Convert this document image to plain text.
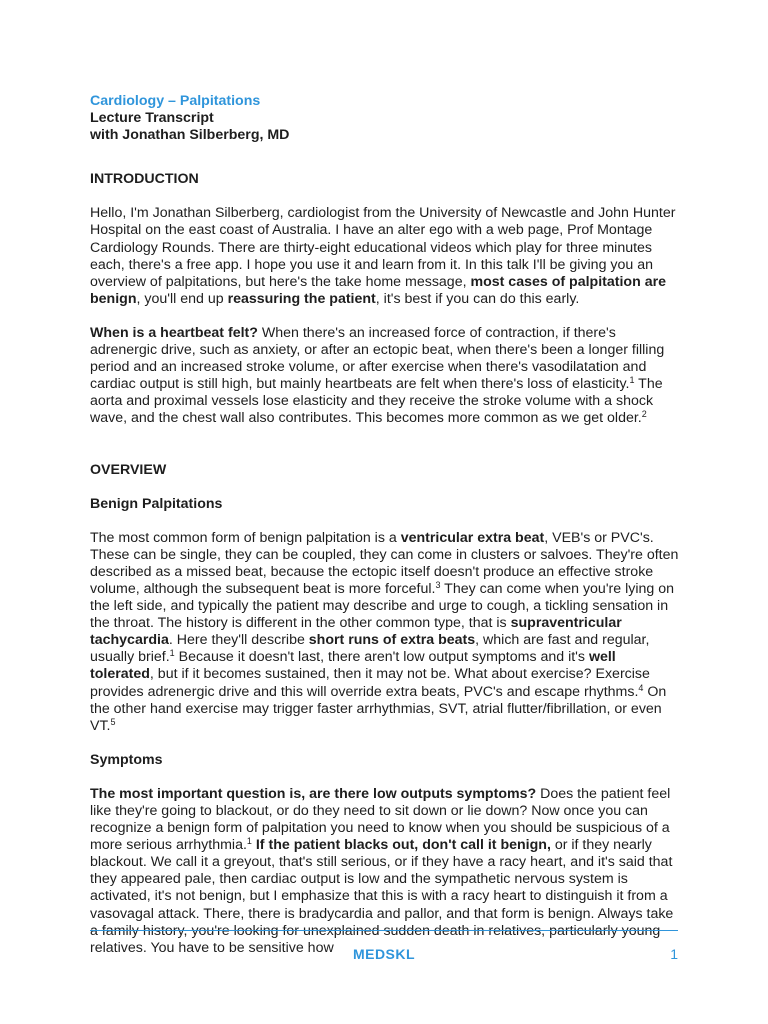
Cardiology – Palpitations
Lecture Transcript
with Jonathan Silberberg, MD
INTRODUCTION

Hello, I'm Jonathan Silberberg, cardiologist from the University of Newcastle and John Hunter Hospital on the east coast of Australia. I have an alter ego with a web page, Prof Montage Cardiology Rounds. There are thirty-eight educational videos which play for three minutes each, there's a free app. I hope you use it and learn from it. In this talk I'll be giving you an overview of palpitations, but here's the take home message, most cases of palpitation are benign, you'll end up reassuring the patient, it's best if you can do this early.

When is a heartbeat felt? When there's an increased force of contraction, if there's adrenergic drive, such as anxiety, or after an ectopic beat, when there's been a longer filling period and an increased stroke volume, or after exercise when there's vasodilatation and cardiac output is still high, but mainly heartbeats are felt when there's loss of elasticity.$^1$ The aorta and proximal vessels lose elasticity and they receive the stroke volume with a shock wave, and the chest wall also contributes. This becomes more common as we get older.$^2$

OVERVIEW
Benign Palpitations

The most common form of benign palpitation is a ventricular extra beat, VEB's or PVC's. These can be single, they can be coupled, they can come in clusters or salvoes. They're often described as a missed beat, because the ectopic itself doesn't produce an effective stroke volume, although the subsequent beat is more forceful.$^3$ They can come when you're lying on the left side, and typically the patient may describe and urge to cough, a tickling sensation in the throat. The history is different in the other common type, that is supraventricular tachycardia. Here they'll describe short runs of extra beats, which are fast and regular, usually brief.$^1$ Because it doesn't last, there aren't low output symptoms and it's well tolerated, but if it becomes sustained, then it may not be. What about exercise? Exercise provides adrenergic drive and this will override extra beats, PVC's and escape rhythms.$^4$ On the other hand exercise may trigger faster arrhythmias, SVT, atrial flutter/fibrillation, or even VT.$^5$

Symptoms

The most important question is, are there low outputs symptoms? Does the patient feel like they're going to blackout, or do they need to sit down or lie down? Now once you can recognize a benign form of palpitation you need to know when you should be suspicious of a more serious arrhythmia.$^1$ If the patient blacks out, don't call it benign, or if they nearly blackout. We call it a greyout, that's still serious, or if they have a racy heart, and it's said that they appeared pale, then cardiac output is low and the sympathetic nervous system is activated, it's not benign, but I emphasize that this is with a racy heart to distinguish it from a vasovagal attack. There, there is bradycardia and pallor, and that form is benign. Always take a family history, you're looking for unexplained sudden death in relatives, particularly young relatives. You have to be sensitive how	MEDSKL	1
